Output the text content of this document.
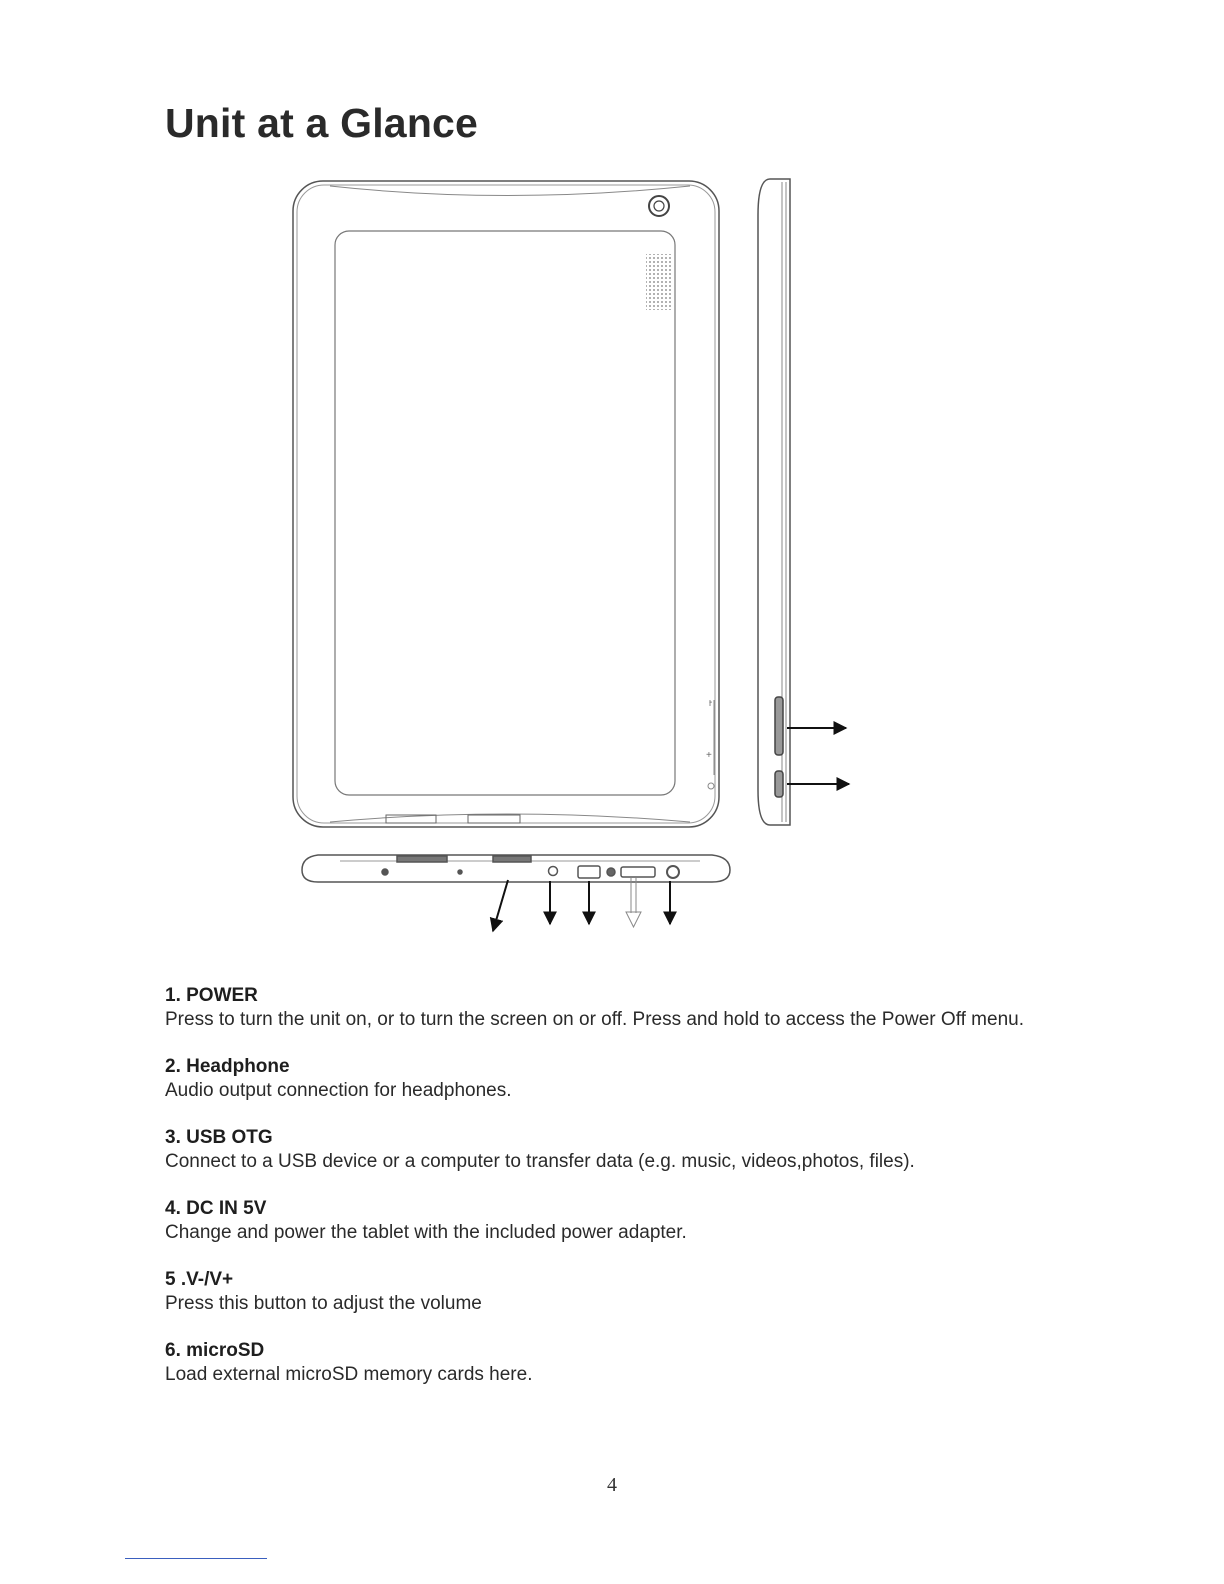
Unit at a Glance
-
+
1. POWER
Press to turn the unit on, or to turn the screen on or off. Press and hold to access the Power Off menu.
2. Headphone
Audio output connection for headphones.
3. USB OTG
Connect to a USB device or a computer to transfer data (e.g. music, videos,photos, files).
4. DC IN 5V
Change and power the tablet with the included power adapter.
5 .V-/V+
Press this button to adjust the volume
6. microSD
Load external microSD memory cards here.
4
